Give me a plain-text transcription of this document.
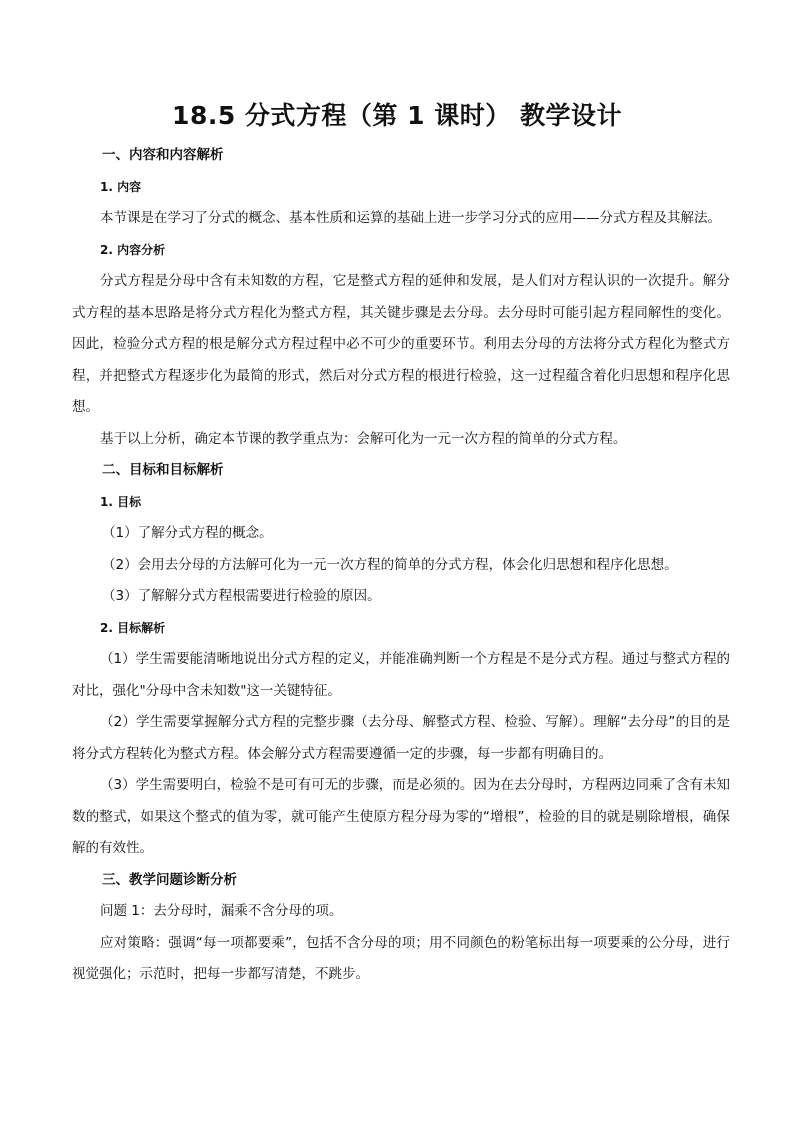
18.5 分式方程（第 1 课时） 教学设计

一、内容和内容解析

1. 内容

本节课是在学习了分式的概念、基本性质和运算的基础上进一步学习分式的应用——分式方程及其解法。

2. 内容分析

分式方程是分母中含有未知数的方程，它是整式方程的延伸和发展，是人们对方程认识的一次提升。解分式方程的基本思路是将分式方程化为整式方程，其关键步骤是去分母。去分母时可能引起方程同解性的变化。因此，检验分式方程的根是解分式方程过程中必不可少的重要环节。利用去分母的方法将分式方程化为整式方程，并把整式方程逐步化为最简的形式，然后对分式方程的根进行检验，这一过程蕴含着化归思想和程序化思想。

基于以上分析，确定本节课的教学重点为：会解可化为一元一次方程的简单的分式方程。

二、目标和目标解析

1. 目标

（1）了解分式方程的概念。

（2）会用去分母的方法解可化为一元一次方程的简单的分式方程，体会化归思想和程序化思想。

（3）了解解分式方程根需要进行检验的原因。

2. 目标解析

（1）学生需要能清晰地说出分式方程的定义，并能准确判断一个方程是不是分式方程。通过与整式方程的对比，强化"分母中含未知数"这一关键特征。

（2）学生需要掌握解分式方程的完整步骤（去分母、解整式方程、检验、写解）。理解“去分母”的目的是将分式方程转化为整式方程。体会解分式方程需要遵循一定的步骤，每一步都有明确目的。

（3）学生需要明白，检验不是可有可无的步骤，而是必须的。因为在去分母时，方程两边同乘了含有未知数的整式，如果这个整式的值为零，就可能产生使原方程分母为零的“增根”，检验的目的就是剔除增根，确保解的有效性。

三、教学问题诊断分析

问题 1：去分母时，漏乘不含分母的项。

应对策略：强调“每一项都要乘”，包括不含分母的项；用不同颜色的粉笔标出每一项要乘的公分母，进行视觉强化；示范时，把每一步都写清楚，不跳步。
